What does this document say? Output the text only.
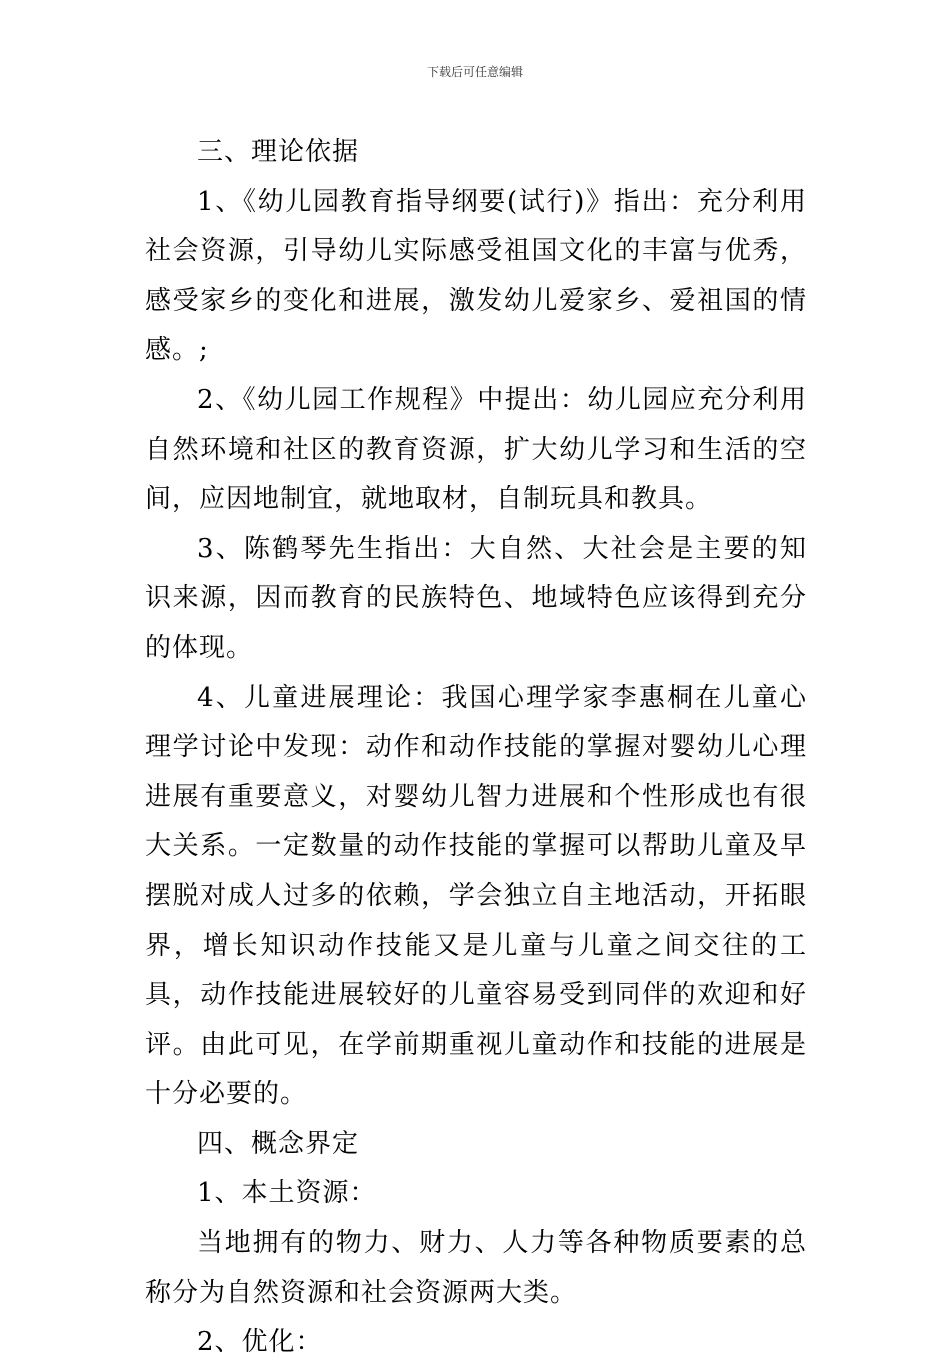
下载后可任意编辑

三、理论依据

1、《幼儿园教育指导纲要(试行)》指出：充分利用社会资源，引导幼儿实际感受祖国文化的丰富与优秀，感受家乡的变化和进展，激发幼儿爱家乡、爱祖国的情感。;

2、《幼儿园工作规程》中提出：幼儿园应充分利用自然环境和社区的教育资源，扩大幼儿学习和生活的空间，应因地制宜，就地取材，自制玩具和教具。

3、陈鹤琴先生指出：大自然、大社会是主要的知识来源，因而教育的民族特色、地域特色应该得到充分的体现。

4、儿童进展理论：我国心理学家李惠桐在儿童心理学讨论中发现：动作和动作技能的掌握对婴幼儿心理进展有重要意义，对婴幼儿智力进展和个性形成也有很大关系。一定数量的动作技能的掌握可以帮助儿童及早摆脱对成人过多的依赖，学会独立自主地活动，开拓眼界，增长知识动作技能又是儿童与儿童之间交往的工具，动作技能进展较好的儿童容易受到同伴的欢迎和好评。由此可见，在学前期重视儿童动作和技能的进展是十分必要的。

四、概念界定

1、本土资源：

当地拥有的物力、财力、人力等各种物质要素的总称分为自然资源和社会资源两大类。

2、优化：
